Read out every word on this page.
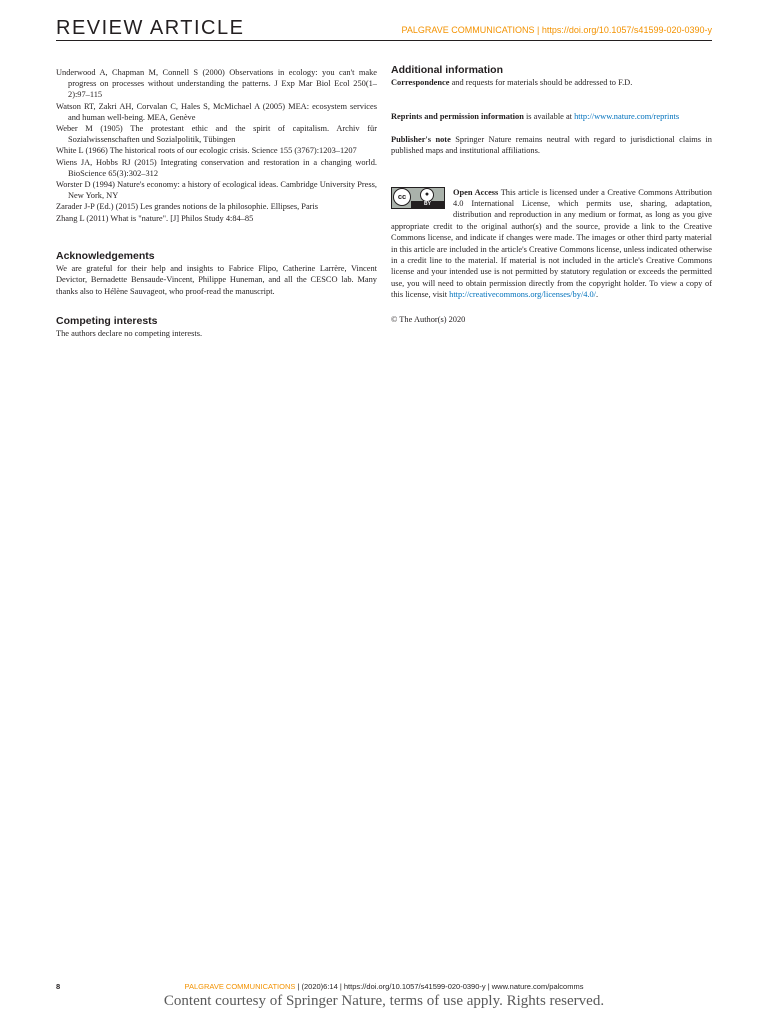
REVIEW ARTICLE	PALGRAVE COMMUNICATIONS | https://doi.org/10.1057/s41599-020-0390-y
Underwood A, Chapman M, Connell S (2000) Observations in ecology: you can't make progress on processes without understanding the patterns. J Exp Mar Biol Ecol 250(1–2):97–115
Watson RT, Zakri AH, Corvalan C, Hales S, McMichael A (2005) MEA: ecosystem services and human well-being. MEA, Genève
Weber M (1905) The protestant ethic and the spirit of capitalism. Archiv für Sozialwissenschaften und Sozialpolitik, Tübingen
White L (1966) The historical roots of our ecologic crisis. Science 155 (3767):1203–1207
Wiens JA, Hobbs RJ (2015) Integrating conservation and restoration in a changing world. BioScience 65(3):302–312
Worster D (1994) Nature's economy: a history of ecological ideas. Cambridge University Press, New York, NY
Zarader J-P (Ed.) (2015) Les grandes notions de la philosophie. Ellipses, Paris
Zhang L (2011) What is "nature". [J] Philos Study 4:84–85
Acknowledgements
We are grateful for their help and insights to Fabrice Flipo, Catherine Larrère, Vincent Devictor, Bernadette Bensaude-Vincent, Philippe Huneman, and all the CESCO lab. Many thanks also to Hélène Sauvageot, who proof-read the manuscript.
Competing interests
The authors declare no competing interests.
Additional information
Correspondence and requests for materials should be addressed to F.D.
Reprints and permission information is available at http://www.nature.com/reprints
Publisher's note Springer Nature remains neutral with regard to jurisdictional claims in published maps and institutional affiliations.
cc	●
BY
Open Access This article is licensed under a Creative Commons Attribution 4.0 International License, which permits use, sharing, adaptation, distribution and reproduction in any medium or format, as long as you give appropriate credit to the original author(s) and the source, provide a link to the Creative Commons license, and indicate if changes were made. The images or other third party material in this article are included in the article's Creative Commons license, unless indicated otherwise in a credit line to the material. If material is not included in the article's Creative Commons license and your intended use is not permitted by statutory regulation or exceeds the permitted use, you will need to obtain permission directly from the copyright holder. To view a copy of this license, visit http://creativecommons.org/licenses/by/4.0/.
© The Author(s) 2020
8	PALGRAVE COMMUNICATIONS | (2020)6:14 | https://doi.org/10.1057/s41599-020-0390-y | www.nature.com/palcomms
Content courtesy of Springer Nature, terms of use apply. Rights reserved.
